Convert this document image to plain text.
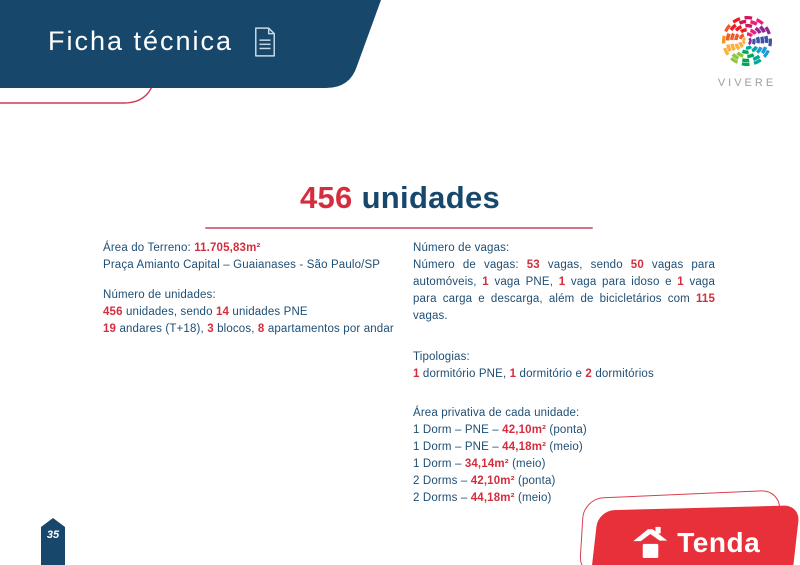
Ficha técnica
VIVERE
456 unidades

Área do Terreno: 11.705,83m²

Praça Amianto Capital – Guaianases - São Paulo/SP

Número de unidades:

456 unidades, sendo 14 unidades PNE

19 andares (T+18), 3 blocos, 8 apartamentos por andar

Número de vagas:

Número de vagas: 53 vagas, sendo 50 vagas para automóveis, 1 vaga PNE, 1 vaga para idoso e 1 vaga para carga e descarga, além de bicicletários com 115 vagas.

Tipologias:

1 dormitório PNE, 1 dormitório e 2 dormitórios

Área privativa de cada unidade:

1 Dorm – PNE – 42,10m² (ponta)

1 Dorm – PNE – 44,18m² (meio)

1 Dorm – 34,14m² (meio)

2 Dorms – 42,10m² (ponta)

2 Dorms – 44,18m² (meio)

35	Tenda
